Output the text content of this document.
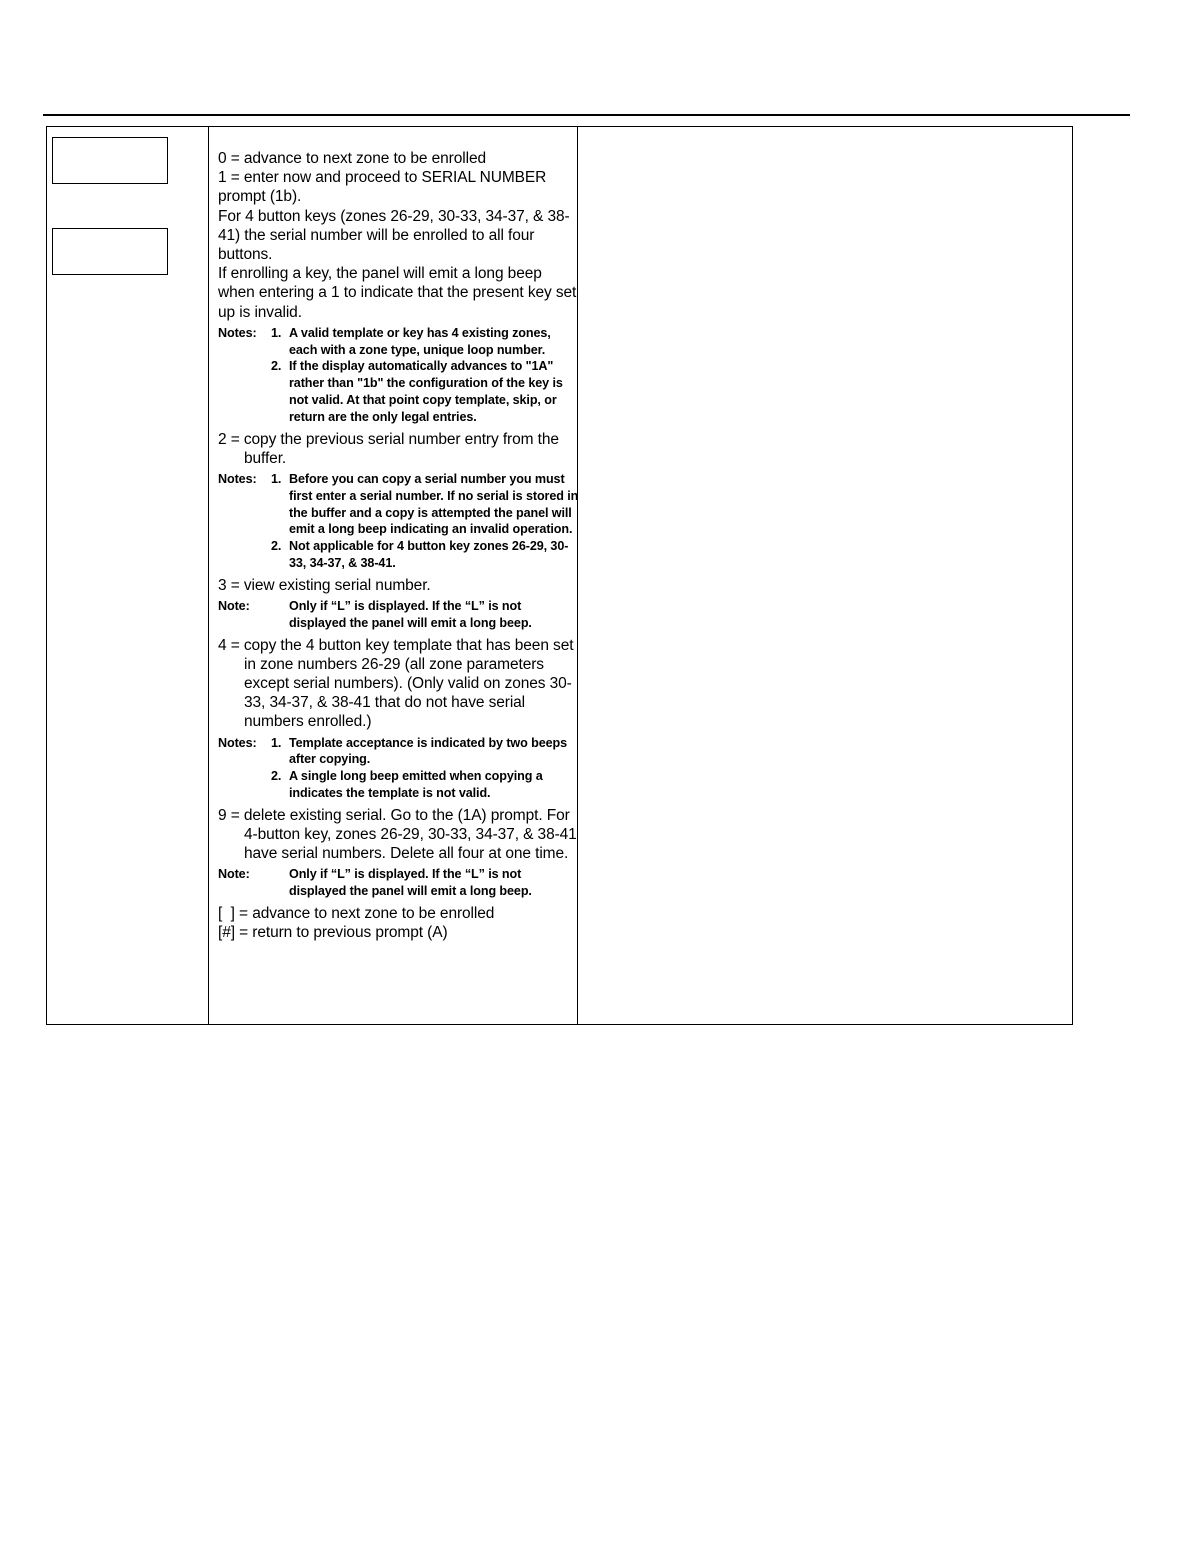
0 = advance to next zone to be enrolled

1 = enter now and proceed to SERIAL NUMBER prompt (1b).

For 4 button keys (zones 26-29, 30-33, 34-37, & 38-41) the serial number will be enrolled to all four buttons.

If enrolling a key, the panel will emit a long beep when entering a 1 to indicate that the present key set up is invalid.

Notes:	1. A valid template or key has 4 existing zones, each with a zone type, unique loop number.
2. If the display automatically advances to "1A" rather than "1b" the configuration of the key is not valid. At that point copy template, skip, or return are the only legal entries.

2 = copy the previous serial number entry from the buffer.

Notes:	1. Before you can copy a serial number you must first enter a serial number. If no serial is stored in the buffer and a copy is attempted the panel will emit a long beep indicating an invalid operation.
2. Not applicable for 4 button key zones 26-29, 30-33, 34-37, & 38-41.

3 = view existing serial number.

Note:	Only if “L” is displayed. If the “L” is not displayed the panel will emit a long beep.

4 = copy the 4 button key template that has been set in zone numbers 26-29 (all zone parameters except serial numbers). (Only valid on zones 30-33, 34-37, & 38-41 that do not have serial numbers enrolled.)

Notes:	1. Template acceptance is indicated by two beeps after copying.
2. A single long beep emitted when copying a indicates the template is not valid.

9 = delete existing serial. Go to the (1A) prompt. For 4-button key, zones 26-29, 30-33, 34-37, & 38-41 have serial numbers. Delete all four at one time.

Note:	Only if “L” is displayed. If the “L” is not displayed the panel will emit a long beep.

[  ] = advance to next zone to be enrolled

[#] = return to previous prompt (A)
